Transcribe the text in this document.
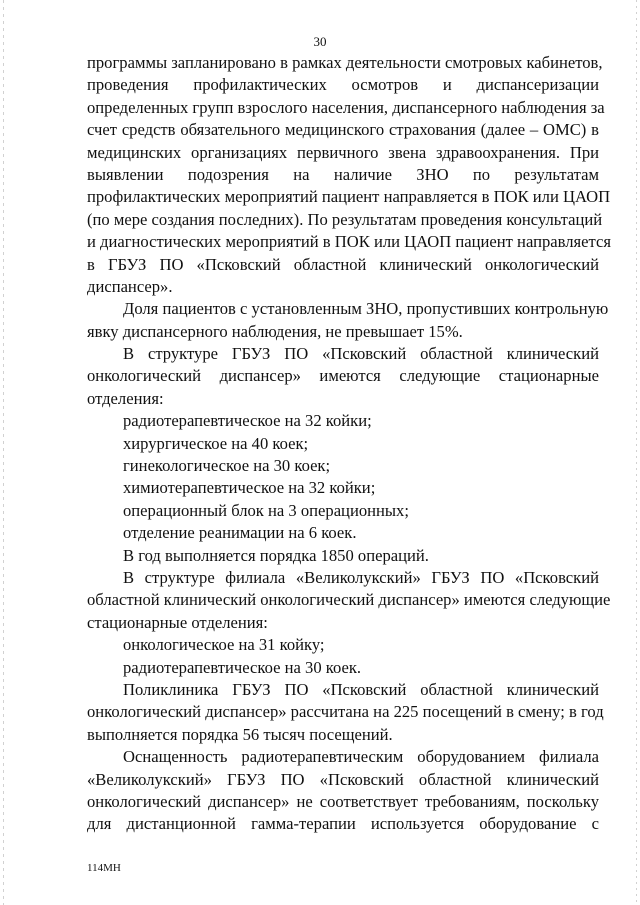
30
программы запланировано в рамках деятельности смотровых кабинетов,
проведения профилактических осмотров и диспансеризации
определенных групп взрослого населения, диспансерного наблюдения за
счет средств обязательного медицинского страхования (далее – ОМС) в
медицинских организациях первичного звена здравоохранения. При
выявлении подозрения на наличие ЗНО по результатам
профилактических мероприятий пациент направляется в ПОК или ЦАОП
(по мере создания последних). По результатам проведения консультаций
и диагностических мероприятий в ПОК или ЦАОП пациент направляется
в ГБУЗ ПО «Псковский областной клинический онкологический
диспансер».
Доля пациентов с установленным ЗНО, пропустивших контрольную
явку диспансерного наблюдения, не превышает 15%.
В структуре ГБУЗ ПО «Псковский областной клинический
онкологический диспансер» имеются следующие стационарные
отделения:
радиотерапевтическое на 32 койки;
хирургическое на 40 коек;
гинекологическое на 30 коек;
химиотерапевтическое на 32 койки;
операционный блок на 3 операционных;
отделение реанимации на 6 коек.
В год выполняется порядка 1850 операций.
В структуре филиала «Великолукский» ГБУЗ ПО «Псковский
областной клинический онкологический диспансер» имеются следующие
стационарные отделения:
онкологическое на 31 койку;
радиотерапевтическое на 30 коек.
Поликлиника ГБУЗ ПО «Псковский областной клинический
онкологический диспансер» рассчитана на 225 посещений в смену; в год
выполняется порядка 56 тысяч посещений.
Оснащенность радиотерапевтическим оборудованием филиала
«Великолукский» ГБУЗ ПО «Псковский областной клинический
онкологический диспансер» не соответствует требованиям, поскольку
для дистанционной гамма-терапии используется оборудование с
114МН
